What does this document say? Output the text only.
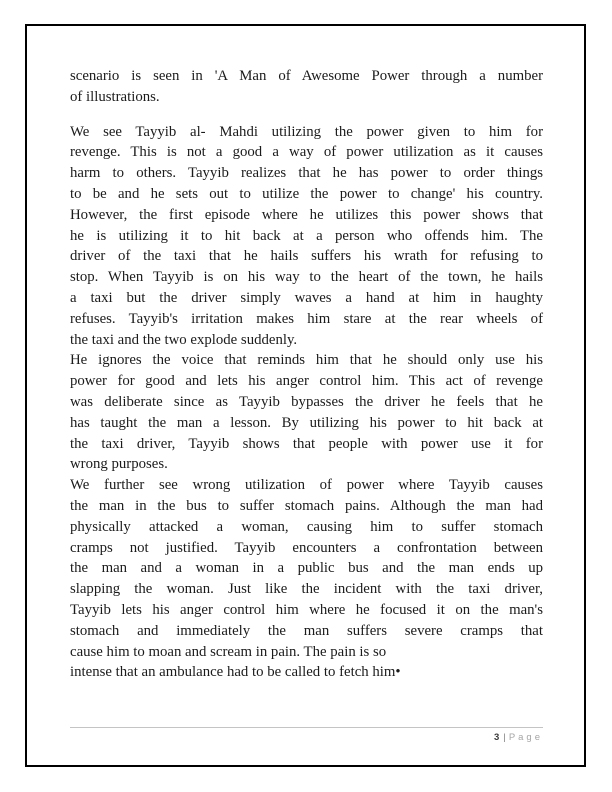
scenario is seen in 'A Man of Awesome Power through a number
of illustrations.
We see Tayyib al- Mahdi utilizing the power given to him for
revenge. This is not a good a way of power utilization as it causes
harm to others. Tayyib realizes that he has power to order things
to be and he sets out to utilize the power to change' his country.
However, the first episode where he utilizes this power shows that
he is utilizing it to hit back at a person who offends him. The
driver of the taxi that he hails suffers his wrath for refusing to
stop. When Tayyib is on his way to the heart of the town, he hails
a taxi but the driver simply waves a hand at him in haughty
refuses. Tayyib's irritation makes him stare at the rear wheels of
the taxi and the two explode suddenly.
He ignores the voice that reminds him that he should only use his
power for good and lets his anger control him. This act of revenge
was deliberate since as Tayyib bypasses the driver he feels that he
has taught the man a lesson. By utilizing his power to hit back at
the taxi driver, Tayyib shows that people with power use it for
wrong purposes.
We further see wrong utilization of power where Tayyib causes
the man in the bus to suffer stomach pains. Although the man had
physically attacked a woman, causing him to suffer stomach
cramps not justified. Tayyib encounters a confrontation between
the man and a woman in a public bus and the man ends up
slapping the woman. Just like the incident with the taxi driver,
Tayyib lets his anger control him where he focused it on the man's
stomach and immediately the man suffers severe cramps that
cause him to moan and scream in pain. The pain is so
intense that an ambulance had to be called to fetch him•
3 | Page
